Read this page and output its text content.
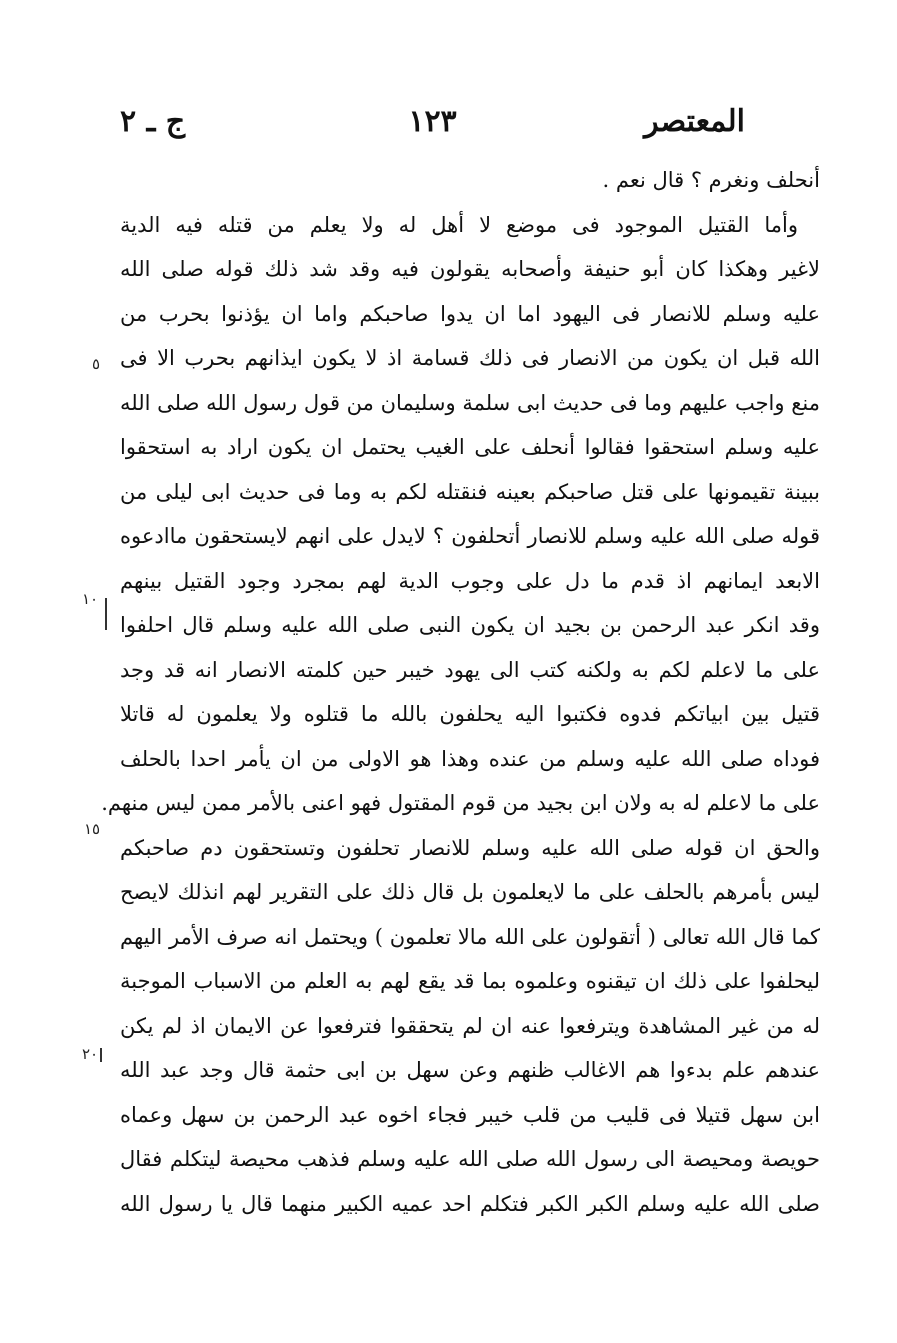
المعتصر
١٢٣
ج ـ ٢
٥
١٠
١٥
٢٠
أنحلف ونغرم ؟ قال نعم .
وأما القتيل الموجود فى موضع لا أهل له ولا يعلم من قتله فيه الدية
لاغير وهكذا كان أبو حنيفة وأصحابه يقولون فيه وقد شد ذلك قوله صلى الله
عليه وسلم للانصار فى اليهود اما ان يدوا صاحبكم واما ان يؤذنوا بحرب من
الله قبل ان يكون من الانصار فى ذلك قسامة اذ لا يكون ايذانهم بحرب الا فى
منع واجب عليهم وما فى حديث ابى سلمة وسليمان من قول رسول الله صلى الله
عليه وسلم استحقوا فقالوا أنحلف على الغيب يحتمل ان يكون اراد به استحقوا
ببينة تقيمونها على قتل صاحبكم بعينه فنقتله لكم به وما فى حديث ابى ليلى من
قوله صلى الله عليه وسلم للانصار أتحلفون ؟ لايدل على انهم لايستحقون ماادعوه
الابعد ايمانهم اذ قدم ما دل على وجوب الدية لهم بمجرد وجود القتيل بينهم
وقد انكر عبد الرحمن بن بجيد ان يكون النبى صلى الله عليه وسلم قال احلفوا
على ما لاعلم لكم به ولكنه كتب الى يهود خيبر حين كلمته الانصار انه قد وجد
قتيل بين ابياتكم فدوه فكتبوا اليه يحلفون بالله ما قتلوه ولا يعلمون له قاتلا
فوداه صلى الله عليه وسلم من عنده وهذا هو الاولى من ان يأمر احدا بالحلف
على ما لاعلم له به ولان ابن بجيد من قوم المقتول فهو اعنى بالأمر ممن ليس منهم.
والحق ان قوله صلى الله عليه وسلم للانصار تحلفون وتستحقون دم صاحبكم
ليس بأمرهم بالحلف على ما لايعلمون بل قال ذلك على التقرير لهم انذلك لايصح
كما قال الله تعالى ( أتقولون على الله مالا تعلمون ) ويحتمل انه صرف الأمر اليهم
ليحلفوا على ذلك ان تيقنوه وعلموه بما قد يقع لهم به العلم من الاسباب الموجبة
له من غير المشاهدة ويترفعوا عنه ان لم يتحققوا فترفعوا عن الايمان اذ لم يكن
عندهم علم بدءوا هم الاغالب ظنهم وعن سهل بن ابى حثمة قال وجد عبد الله
ابن سهل قتيلا فى قليب من قلب خيبر فجاء اخوه عبد الرحمن بن سهل وعماه
حويصة ومحيصة الى رسول الله صلى الله عليه وسلم فذهب محيصة ليتكلم فقال
صلى الله عليه وسلم الكبر الكبر فتكلم احد عميه الكبير منهما قال يا رسول الله
